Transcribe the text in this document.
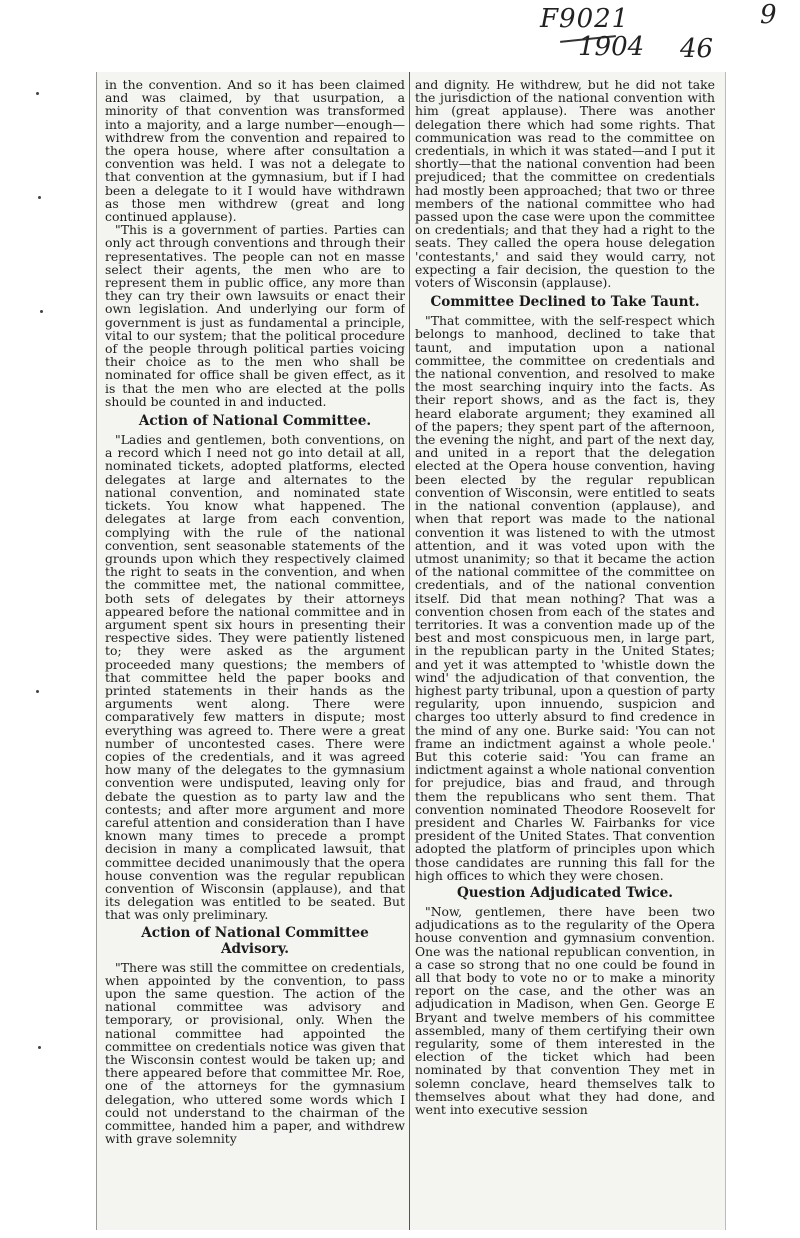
F9021
1904 46
9

in the convention. And so it has been claimed and was claimed, by that usurpation, a minority of that convention was transformed into a majority, and a large number—enough—withdrew from the convention and repaired to the opera house, where after consultation a convention was held. I was not a delegate to that convention at the gymnasium, but if I had been a delegate to it I would have withdrawn as those men withdrew (great and long continued applause).

"This is a government of parties. Parties can only act through conventions and through their representatives. The people can not en masse select their agents, the men who are to represent them in public office, any more than they can try their own lawsuits or enact their own legislation. And underlying our form of government is just as fundamental a principle, vital to our system; that the political procedure of the people through political parties voicing their choice as to the men who shall be nominated for office shall be given effect, as it is that the men who are elected at the polls should be counted in and inducted.

Action of National Committee.

"Ladies and gentlemen, both conventions, on a record which I need not go into detail at all, nominated tickets, adopted platforms, elected delegates at large and alternates to the national convention, and nominated state tickets. You know what happened. The delegates at large from each convention, complying with the rule of the national convention, sent seasonable statements of the grounds upon which they respectively claimed the right to seats in the convention, and when the committee met, the national committee, both sets of delegates by their attorneys appeared before the national committee and in argument spent six hours in presenting their respective sides. They were patiently listened to; they were asked as the argument proceeded many questions; the members of that committee held the paper books and printed statements in their hands as the arguments went along. There were comparatively few matters in dispute; most everything was agreed to. There were a great number of uncontested cases. There were copies of the credentials, and it was agreed how many of the delegates to the gymnasium convention were undisputed, leaving only for debate the question as to party law and the contests; and after more argument and more careful attention and consideration than I have known many times to precede a prompt decision in many a complicated lawsuit, that committee decided unanimously that the opera house convention was the regular republican convention of Wisconsin (applause), and that its delegation was entitled to be seated. But that was only preliminary.

Action of National Committee Advisory.

"There was still the committee on credentials, when appointed by the convention, to pass upon the same question. The action of the national committee was advisory and temporary, or provisional, only. When the national committee had appointed the committee on credentials notice was given that the Wisconsin contest would be taken up; and there appeared before that committee Mr. Roe, one of the attorneys for the gymnasium delegation, who uttered some words which I could not understand to the chairman of the committee, handed him a paper, and withdrew with grave solemnity

and dignity. He withdrew, but he did not take the jurisdiction of the national convention with him (great applause). There was another delegation there which had some rights. That communication was read to the committee on credentials, in which it was stated—and I put it shortly—that the national convention had been prejudiced; that the committee on credentials had mostly been approached; that two or three members of the national committee who had passed upon the case were upon the committee on credentials; and that they had a right to the seats. They called the opera house delegation 'contestants,' and said they would carry, not expecting a fair decision, the question to the voters of Wisconsin (applause).

Committee Declined to Take Taunt.

"That committee, with the self-respect which belongs to manhood, declined to take that taunt, and imputation upon a national committee, the committee on credentials and the national convention, and resolved to make the most searching inquiry into the facts. As their report shows, and as the fact is, they heard elaborate argument; they examined all of the papers; they spent part of the afternoon, the evening the night, and part of the next day, and united in a report that the delegation elected at the Opera house convention, having been elected by the regular republican convention of Wisconsin, were entitled to seats in the national convention (applause), and when that report was made to the national convention it was listened to with the utmost attention, and it was voted upon with the utmost unanimity; so that it became the action of the national committee of the committee on credentials, and of the national convention itself. Did that mean nothing? That was a convention chosen from each of the states and territories. It was a convention made up of the best and most conspicuous men, in large part, in the republican party in the United States; and yet it was attempted to 'whistle down the wind' the adjudication of that convention, the highest party tribunal, upon a question of party regularity, upon innuendo, suspicion and charges too utterly absurd to find credence in the mind of any one. Burke said: 'You can not frame an indictment against a whole peole.' But this coterie said: 'You can frame an indictment against a whole national convention for prejudice, bias and fraud, and through them the republicans who sent them. That convention nominated Theodore Roosevelt for president and Charles W. Fairbanks for vice president of the United States. That convention adopted the platform of principles upon which those candidates are running this fall for the high offices to which they were chosen.

Question Adjudicated Twice.

"Now, gentlemen, there have been two adjudications as to the regularity of the Opera house convention and gymnasium convention. One was the national republican convention, in a case so strong that no one could be found in all that body to vote no or to make a minority report on the case, and the other was an adjudication in Madison, when Gen. George E Bryant and twelve members of his committee assembled, many of them certifying their own regularity, some of them interested in the election of the ticket which had been nominated by that convention They met in solemn conclave, heard themselves talk to themselves about what they had done, and went into executive session
